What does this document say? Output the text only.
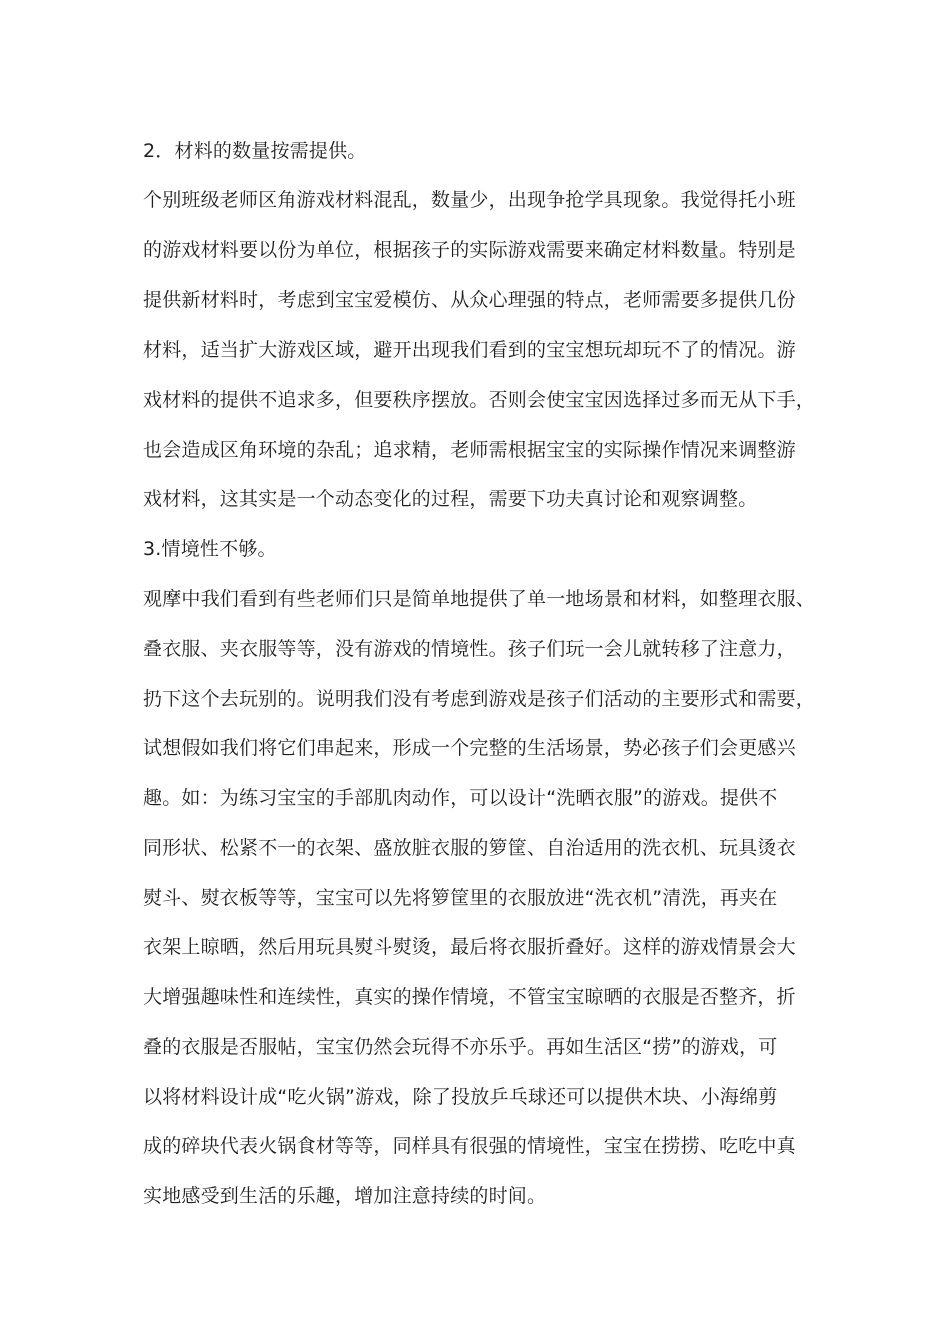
2．材料的数量按需提供。
个别班级老师区角游戏材料混乱，数量少，出现争抢学具现象。我觉得托小班
的游戏材料要以份为单位，根据孩子的实际游戏需要来确定材料数量。特别是
提供新材料时，考虑到宝宝爱模仿、从众心理强的特点，老师需要多提供几份
材料，适当扩大游戏区域，避开出现我们看到的宝宝想玩却玩不了的情况。游
戏材料的提供不追求多，但要秩序摆放。否则会使宝宝因选择过多而无从下手，
也会造成区角环境的杂乱；追求精，老师需根据宝宝的实际操作情况来调整游
戏材料，这其实是一个动态变化的过程，需要下功夫真讨论和观察调整。
3.情境性不够。
观摩中我们看到有些老师们只是简单地提供了单一地场景和材料，如整理衣服、
叠衣服、夹衣服等等，没有游戏的情境性。孩子们玩一会儿就转移了注意力，
扔下这个去玩别的。说明我们没有考虑到游戏是孩子们活动的主要形式和需要，
试想假如我们将它们串起来，形成一个完整的生活场景，势必孩子们会更感兴
趣。如：为练习宝宝的手部肌肉动作，可以设计“洗晒衣服”的游戏。提供不
同形状、松紧不一的衣架、盛放脏衣服的箩筐、自治适用的洗衣机、玩具烫衣
熨斗、熨衣板等等，宝宝可以先将箩筐里的衣服放进“洗衣机”清洗，再夹在
衣架上晾晒，然后用玩具熨斗熨烫，最后将衣服折叠好。这样的游戏情景会大
大增强趣味性和连续性，真实的操作情境，不管宝宝晾晒的衣服是否整齐，折
叠的衣服是否服帖，宝宝仍然会玩得不亦乐乎。再如生活区“捞”的游戏，可
以将材料设计成“吃火锅”游戏，除了投放乒乓球还可以提供木块、小海绵剪
成的碎块代表火锅食材等等，同样具有很强的情境性，宝宝在捞捞、吃吃中真
实地感受到生活的乐趣，增加注意持续的时间。
